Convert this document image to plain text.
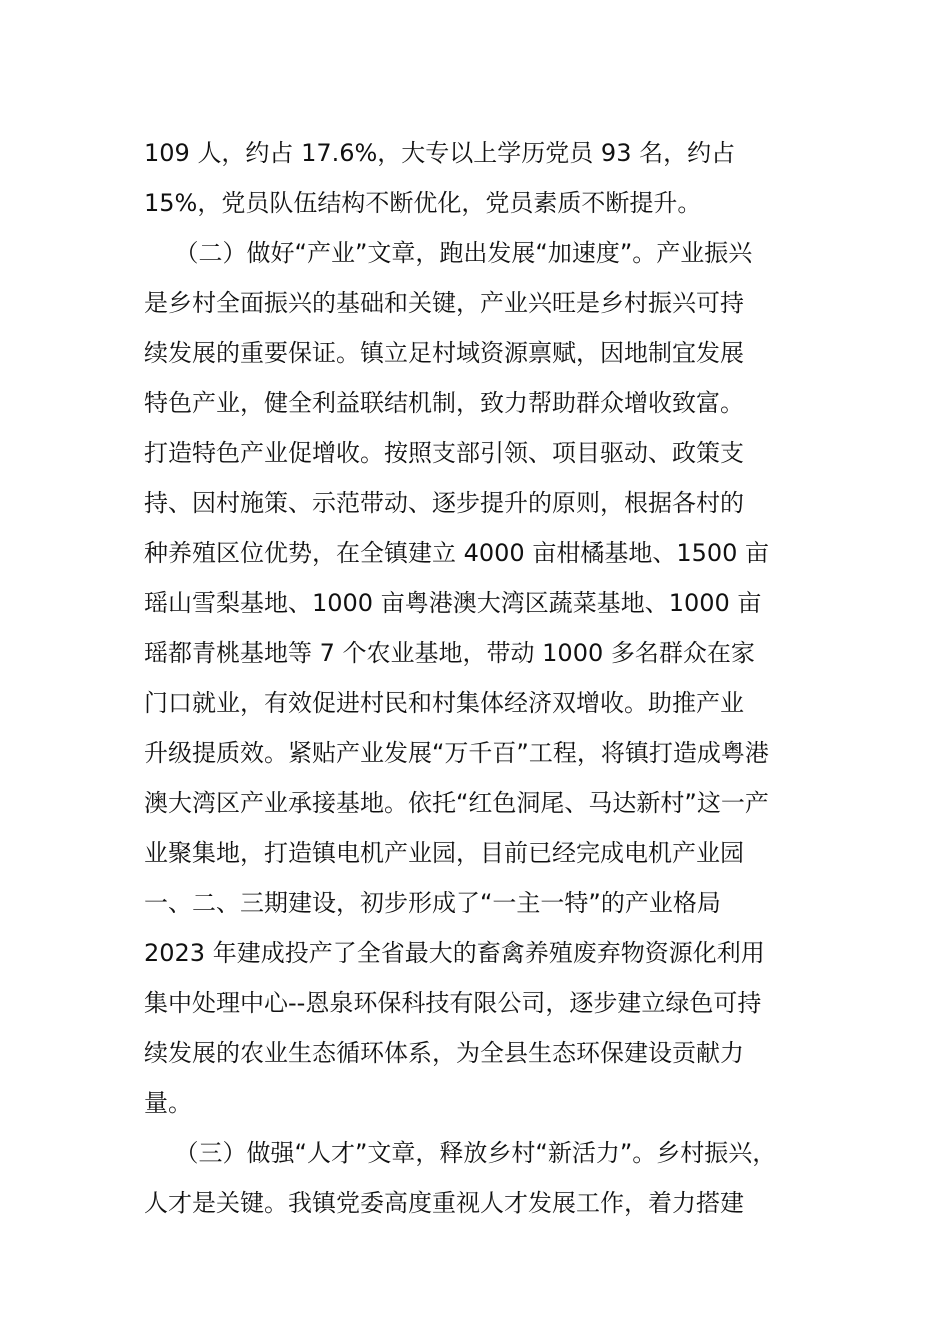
109 人，约占 17.6%，大专以上学历党员 93 名，约占
15%，党员队伍结构不断优化，党员素质不断提升。
（二）做好“产业”文章，跑出发展“加速度”。产业振兴
是乡村全面振兴的基础和关键，产业兴旺是乡村振兴可持
续发展的重要保证。镇立足村域资源禀赋，因地制宜发展
特色产业，健全利益联结机制，致力帮助群众增收致富。
打造特色产业促增收。按照支部引领、项目驱动、政策支
持、因村施策、示范带动、逐步提升的原则，根据各村的
种养殖区位优势，在全镇建立 4000 亩柑橘基地、1500 亩
瑶山雪梨基地、1000 亩粤港澳大湾区蔬菜基地、1000 亩
瑶都青桃基地等 7 个农业基地，带动 1000 多名群众在家
门口就业，有效促进村民和村集体经济双增收。助推产业
升级提质效。紧贴产业发展“万千百”工程，将镇打造成粤港
澳大湾区产业承接基地。依托“红色洞尾、马达新村”这一产
业聚集地，打造镇电机产业园，目前已经完成电机产业园
一、二、三期建设，初步形成了“一主一特”的产业格局
2023 年建成投产了全省最大的畜禽养殖废弃物资源化利用
集中处理中心--恩泉环保科技有限公司，逐步建立绿色可持
续发展的农业生态循环体系，为全县生态环保建设贡献力
量。
（三）做强“人才”文章，释放乡村“新活力”。乡村振兴，
人才是关键。我镇党委高度重视人才发展工作，着力搭建
